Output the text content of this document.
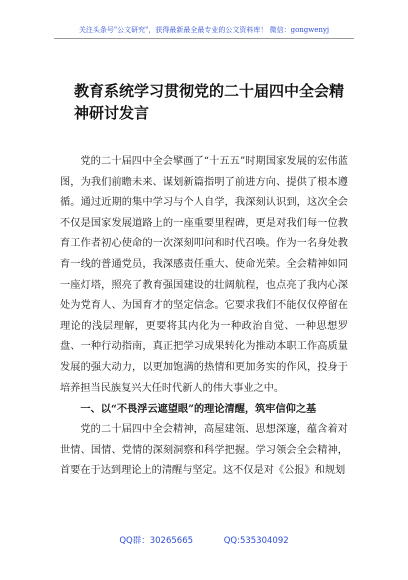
关注头条号"公文研究"，获得最新最全最专业的公文资料库！ 微信：gongwenyj
教育系统学习贯彻党的二十届四中全会精神研讨发言

党的二十届四中全会擘画了“十五五”时期国家发展的宏伟蓝图，为我们前瞻未来、谋划新篇指明了前进方向、提供了根本遵循。通过近期的集中学习与个人自学，我深刻认识到，这次全会不仅是国家发展道路上的一座重要里程碑，更是对我们每一位教育工作者初心使命的一次深刻叩问和时代召唤。作为一名身处教育一线的普通党员，我深感责任重大、使命光荣。全会精神如同一座灯塔，照亮了教育强国建设的壮阔航程，也点亮了我内心深处为党育人、为国育才的坚定信念。它要求我们不能仅仅停留在理论的浅层理解，更要将其内化为一种政治自觉、一种思想罗盘、一种行动指南，真正把学习成果转化为推动本职工作高质量发展的强大动力，以更加饱满的热情和更加务实的作风，投身于培养担当民族复兴大任时代新人的伟大事业之中。

一、以“不畏浮云遮望眼”的理论清醒，筑牢信仰之基

党的二十届四中全会精神，高屋建瓴、思想深邃，蕴含着对世情、国情、党情的深刻洞察和科学把握。学习领会全会精神，首要在于达到理论上的清醒与坚定。这不仅是对《公报》和规划

QQ群：30265665	QQ:535304092
